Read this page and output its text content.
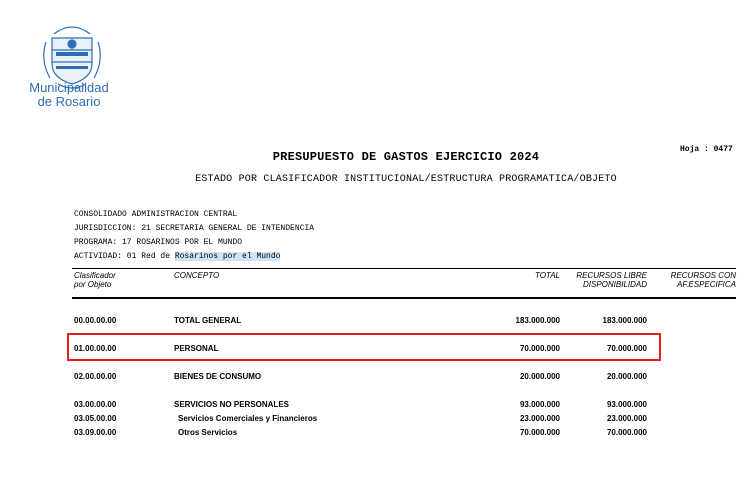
Municipalidad
de Rosario
Hoja : 0477
PRESUPUESTO DE GASTOS EJERCICIO 2024
ESTADO POR CLASIFICADOR INSTITUCIONAL/ESTRUCTURA PROGRAMATICA/OBJETO
CONSOLIDADO ADMINISTRACION CENTRAL
JURISDICCION: 21 SECRETARIA GENERAL DE INTENDENCIA
PROGRAMA: 17 ROSARINOS POR EL MUNDO
ACTIVIDAD: 01 Red de Rosarinos por el Mundo
Clasificador
por Objeto
CONCEPTO	TOTAL	RECURSOS LIBRE
DISPONIBILIDAD
RECURSOS CON
AF.ESPECIFICA
00.00.00.00	TOTAL GENERAL	183.000.000	183.000.000
01.00.00.00	PERSONAL	70.000.000	70.000.000
02.00.00.00	BIENES DE CONSUMO	20.000.000	20.000.000
03.00.00.00	SERVICIOS NO PERSONALES	93.000.000	93.000.000
03.05.00.00	Servicios Comerciales y Financieros	23.000.000	23.000.000
03.09.00.00	Otros Servicios	70.000.000	70.000.000
